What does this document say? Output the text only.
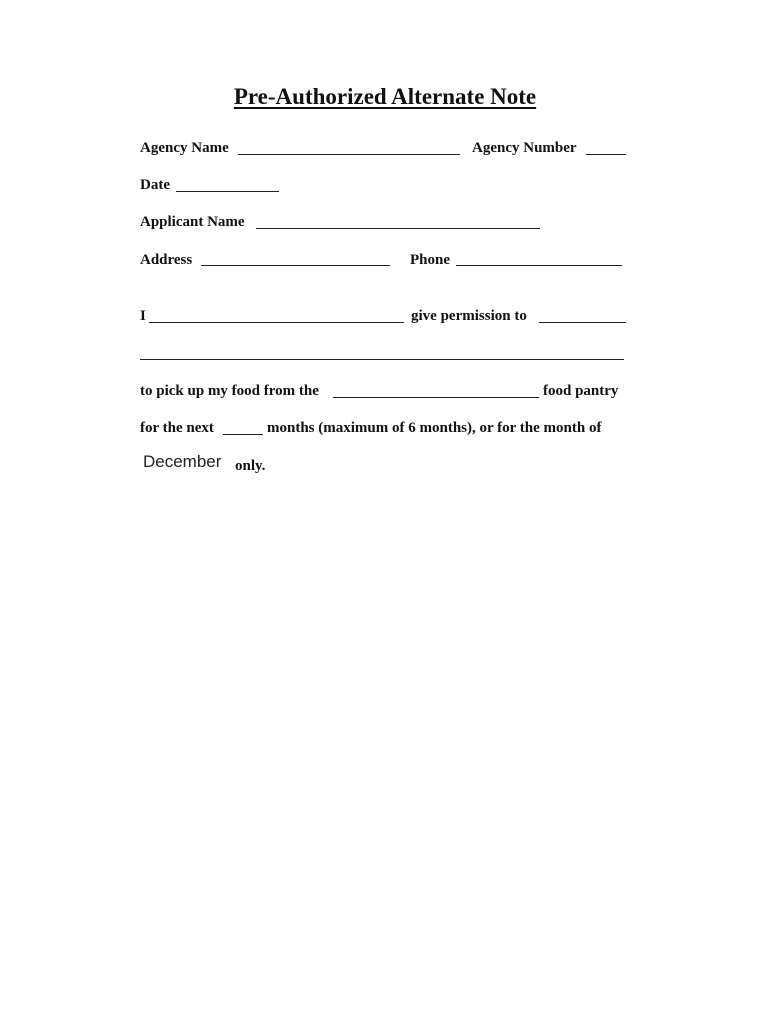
Pre-Authorized Alternate Note
Agency Name	Agency Number
Date
Applicant Name
Address	Phone
I	give permission to
to pick up my food from the	food pantry
for the next	months (maximum of 6 months), or for the month of
December only.
